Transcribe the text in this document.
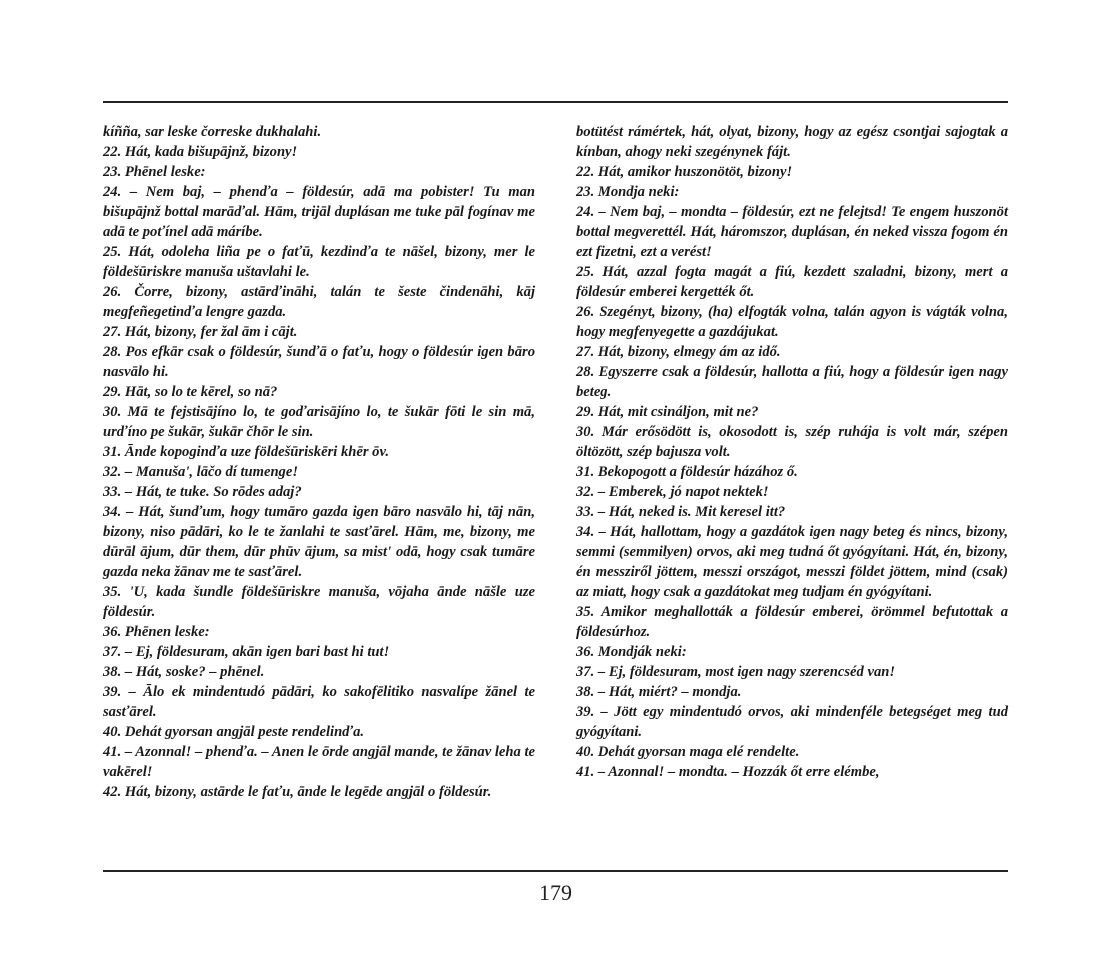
kíñña, sar leske čorreske dukhalahi.

22. Hát, kada bišupājnž, bizony!

23. Phēnel leske:

24. – Nem baj, – phenďa – földesúr, adā ma pobister! Tu man bišupājnž bottal marāďal. Hām, trijāl duplásan me tuke pāl fogínav me adā te poťínel adā máríbe.

25. Hát, odoleha liña pe o faťū, kezdinďa te nāšel, bizony, mer le földešūriskre manuša uštavlahi le.

26. Čorre, bizony, astārďināhi, talán te šeste čindenāhi, kāj megfeñegetinďa lengre gazda.

27. Hát, bizony, fer žal ām i cājt.

28. Pos efkār csak o földesúr, šunďā o faťu, hogy o földesúr igen bāro nasvālo hi.

29. Hāt, so lo te kērel, so nā?

30. Mā te fejstisājíno lo, te goďarisājíno lo, te šukār fōti le sin mā, urďíno pe šukār, šukār čhōr le sin.

31. Ānde kopoginďa uze földešūriskēri khēr ōv.

32. – Manuša', lāčo dí tumenge!

33. – Hát, te tuke. So rōdes adaj?

34. – Hát, šunďum, hogy tumāro gazda igen bāro nasvālo hi, tāj nān, bizony, niso pādāri, ko le te žanlahi te sasťārel. Hām, me, bizony, me dūrāl ājum, dūr them, dūr phūv ājum, sa mist' odā, hogy csak tumāre gazda neka žānav me te sasťārel.

35. 'U, kada šundle földešūriskre manuša, vōjaha ānde nāšle uze földesúr.

36. Phēnen leske:

37. – Ej, földesuram, akān igen bari bast hi tut!

38. – Hát, soske? – phēnel.

39. – Ālo ek mindentudó pādāri, ko sakofēlitiko nasvalípe žānel te sasťārel.

40. Dehát gyorsan angjāl peste rendelinďa.

41. – Azonnal! – phenďa. – Anen le ōrde angjāl mande, te žānav leha te vakērel!

42. Hát, bizony, astārde le faťu, ānde le legēde angjāl o földesúr.

botütést rámértek, hát, olyat, bizony, hogy az egész csontjai sajogtak a kínban, ahogy neki szegénynek fájt.

22. Hát, amikor huszonötöt, bizony!

23. Mondja neki:

24. – Nem baj, – mondta – földesúr, ezt ne felejtsd! Te engem huszonöt bottal megverettél. Hát, háromszor, duplásan, én neked vissza fogom én ezt fizetni, ezt a verést!

25. Hát, azzal fogta magát a fiú, kezdett szaladni, bizony, mert a földesúr emberei kergették őt.

26. Szegényt, bizony, (ha) elfogták volna, talán agyon is vágták volna, hogy megfenyegette a gazdájukat.

27. Hát, bizony, elmegy ám az idő.

28. Egyszerre csak a földesúr, hallotta a fiú, hogy a földesúr igen nagy beteg.

29. Hát, mit csináljon, mit ne?

30. Már erősödött is, okosodott is, szép ruhája is volt már, szépen öltözött, szép bajusza volt.

31. Bekopogott a földesúr házához ő.

32. – Emberek, jó napot nektek!

33. – Hát, neked is. Mit keresel itt?

34. – Hát, hallottam, hogy a gazdátok igen nagy beteg és nincs, bizony, semmi (semmilyen) orvos, aki meg tudná őt gyógyítani. Hát, én, bizony, én messziről jöttem, messzi országot, messzi földet jöttem, mind (csak) az miatt, hogy csak a gazdátokat meg tudjam én gyógyítani.

35. Amikor meghallották a földesúr emberei, örömmel befutottak a földesúrhoz.

36. Mondják neki:

37. – Ej, földesuram, most igen nagy szerencséd van!

38. – Hát, miért? – mondja.

39. – Jött egy mindentudó orvos, aki mindenféle betegséget meg tud gyógyítani.

40. Dehát gyorsan maga elé rendelte.

41. – Azonnal! – mondta. – Hozzák őt erre elémbe,

179
